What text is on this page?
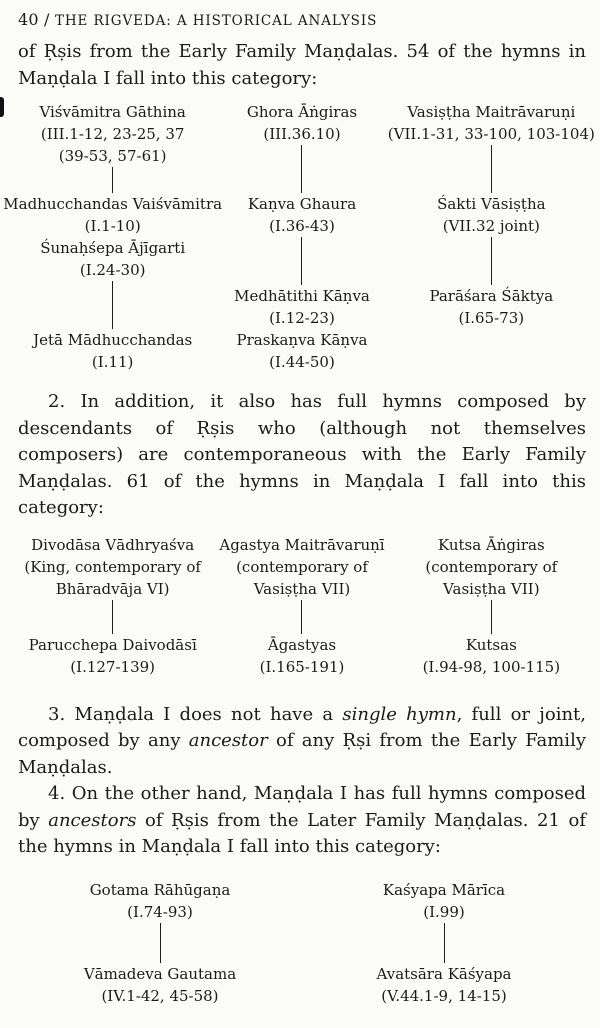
40 / THE RIGVEDA: A HISTORICAL ANALYSIS

of Ṛṣis from the Early Family Maṇḍalas. 54 of the hymns in Maṇḍala I fall into this category:

Viśvāmitra Gāthina
(III.1-12, 23-25, 37
(39-53, 57-61)
Madhucchandas Vaiśvāmitra
(I.1-10)
Śunaḥśepa Ājīgarti
(I.24-30)
Jetā Mādhucchandas
(I.11)
Ghora Āṅgiras
(III.36.10)
Kaṇva Ghaura
(I.36-43)
Medhātithi Kāṇva
(I.12-23)
Praskaṇva Kāṇva
(I.44-50)
Vasiṣṭha Maitrāvaruṇi
(VII.1-31, 33-100, 103-104)
Śakti Vāsiṣṭha
(VII.32 joint)
Parāśara Śāktya
(I.65-73)

2. In addition, it also has full hymns composed by descendants of Ṛṣis who (although not themselves composers) are contemporaneous with the Early Family Maṇḍalas. 61 of the hymns in Maṇḍala I fall into this category:

Divodāsa Vādhryaśva
(King, contemporary of
Bhāradvāja VI)
Parucchepa Daivodāsī
(I.127-139)
Agastya Maitrāvaruṇī
(contemporary of
Vasiṣṭha VII)
Āgastyas
(I.165-191)
Kutsa Āṅgiras
(contemporary of
Vasiṣṭha VII)
Kutsas
(I.94-98, 100-115)

3. Maṇḍala I does not have a single hymn, full or joint, composed by any ancestor of any Ṛṣi from the Early Family Maṇḍalas.

4. On the other hand, Maṇḍala I has full hymns composed by ancestors of Ṛṣis from the Later Family Maṇḍalas. 21 of the hymns in Maṇḍala I fall into this category:

Gotama Rāhūgaṇa
(I.74-93)
Vāmadeva Gautama
(IV.1-42, 45-58)
Kaśyapa Mārīca
(I.99)
Avatsāra Kāśyapa
(V.44.1-9, 14-15)
